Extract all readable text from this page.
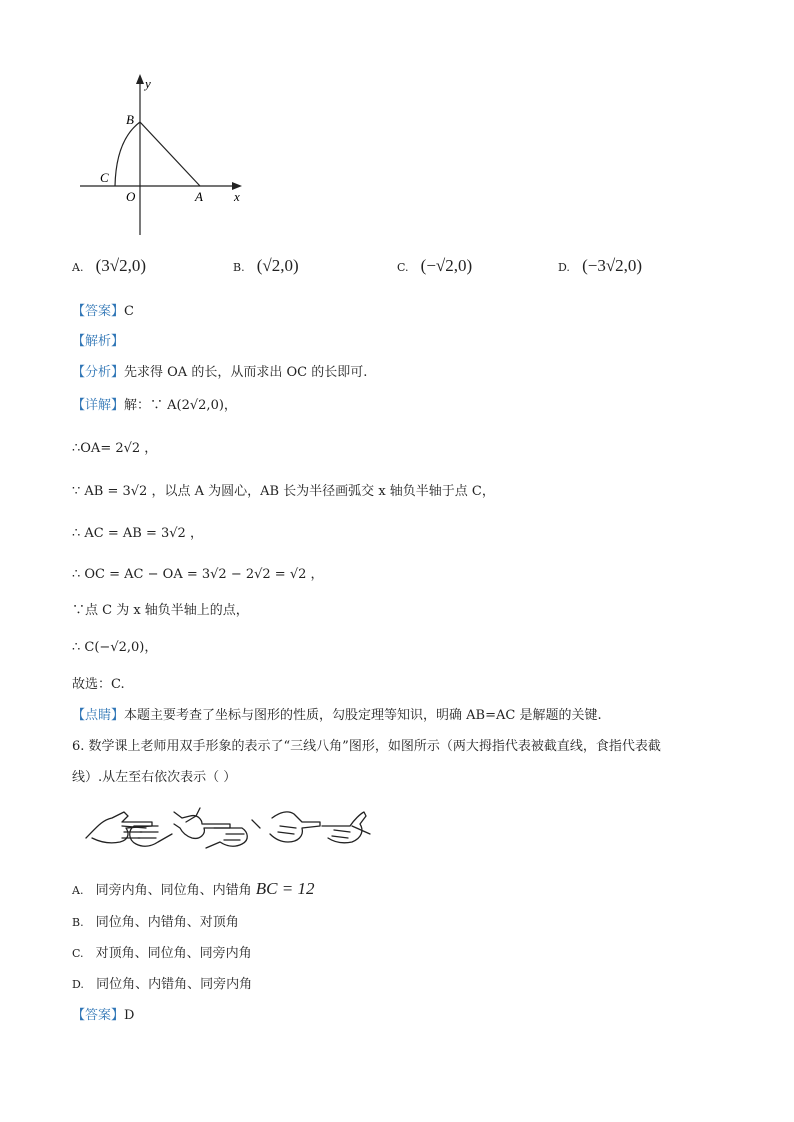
y
B
C
O	A x
A. (3√2,0)	B. (√2,0)	C. (−√2,0)	D. (−3√2,0)
【答案】C
【解析】
【分析】先求得 OA 的长，从而求出 OC 的长即可.
【详解】解：∵ A(2√2,0)，
∴OA= 2√2 ，
∵ AB = 3√2 ，以点 A 为圆心，AB 长为半径画弧交 x 轴负半轴于点 C，
∴ AC = AB = 3√2 ，
∴ OC = AC − OA = 3√2 − 2√2 = √2 ，
∵点 C 为 x 轴负半轴上的点，
∴ C(−√2,0)，
故选：C.
【点睛】本题主要考查了坐标与图形的性质，勾股定理等知识，明确 AB=AC 是解题的关键.
6. 数学课上老师用双手形象的表示了“三线八角”图形，如图所示（两大拇指代表被截直线，食指代表截
线）.从左至右依次表示（ ）
A. 同旁内角、同位角、内错角 BC = 12
B. 同位角、内错角、对顶角
C. 对顶角、同位角、同旁内角
D. 同位角、内错角、同旁内角
【答案】D
